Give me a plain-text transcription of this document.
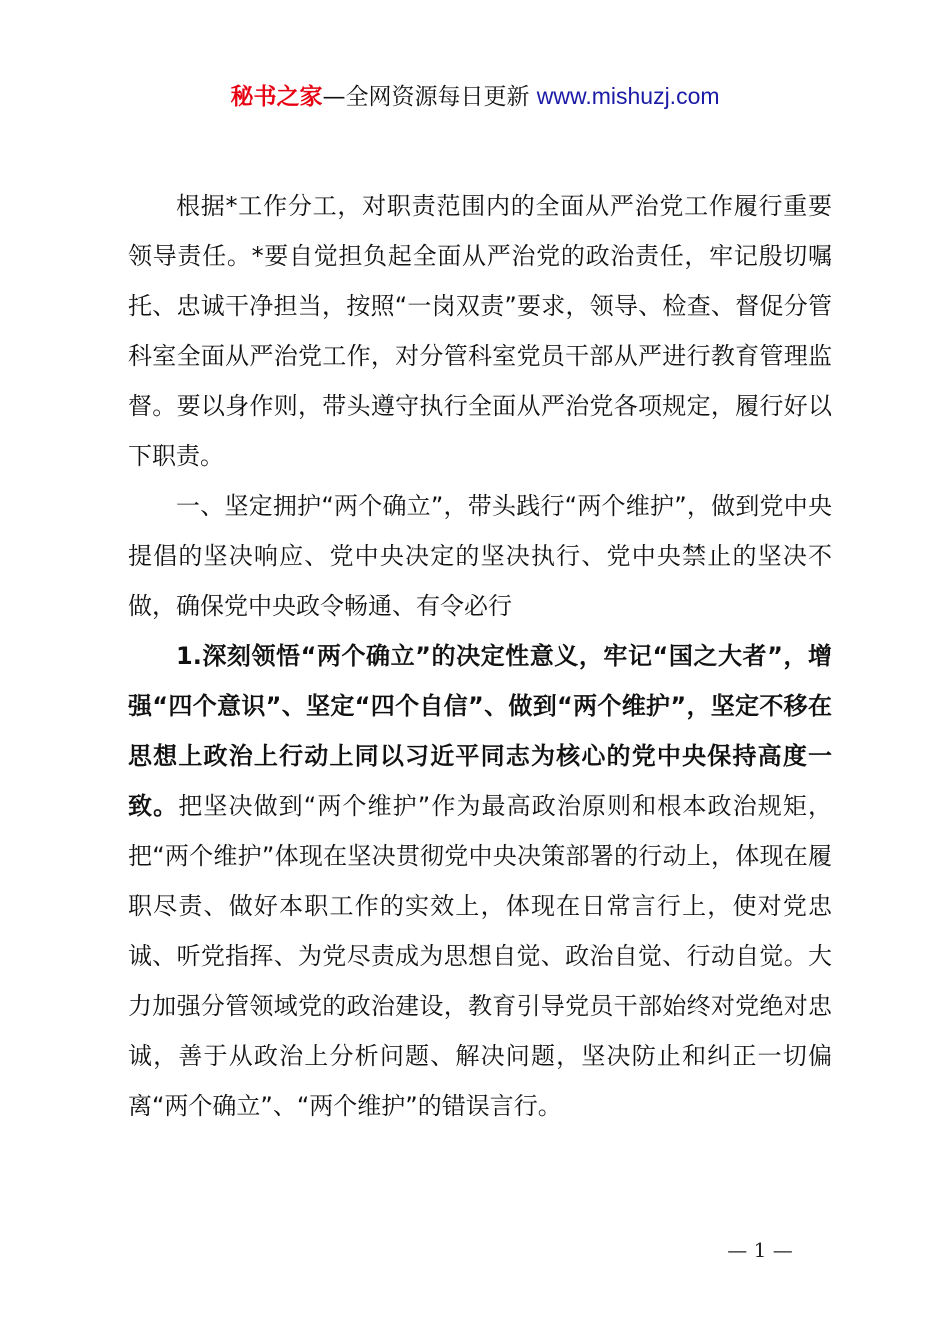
秘书之家—全网资源每日更新 www.mishuzj.com

根据*工作分工，对职责范围内的全面从严治党工作履行重要领导责任。*要自觉担负起全面从严治党的政治责任，牢记殷切嘱托、忠诚干净担当，按照“一岗双责”要求，领导、检查、督促分管科室全面从严治党工作，对分管科室党员干部从严进行教育管理监督。要以身作则，带头遵守执行全面从严治党各项规定，履行好以下职责。

一、坚定拥护“两个确立”，带头践行“两个维护”，做到党中央提倡的坚决响应、党中央决定的坚决执行、党中央禁止的坚决不做，确保党中央政令畅通、有令必行

1.深刻领悟“两个确立”的决定性意义，牢记“国之大者”，增强“四个意识”、坚定“四个自信”、做到“两个维护”，坚定不移在思想上政治上行动上同以习近平同志为核心的党中央保持高度一致。把坚决做到“两个维护”作为最高政治原则和根本政治规矩，把“两个维护”体现在坚决贯彻党中央决策部署的行动上，体现在履职尽责、做好本职工作的实效上，体现在日常言行上，使对党忠诚、听党指挥、为党尽责成为思想自觉、政治自觉、行动自觉。大力加强分管领域党的政治建设，教育引导党员干部始终对党绝对忠诚，善于从政治上分析问题、解决问题，坚决防止和纠正一切偏离“两个确立”、“两个维护”的错误言行。

— 1 —
